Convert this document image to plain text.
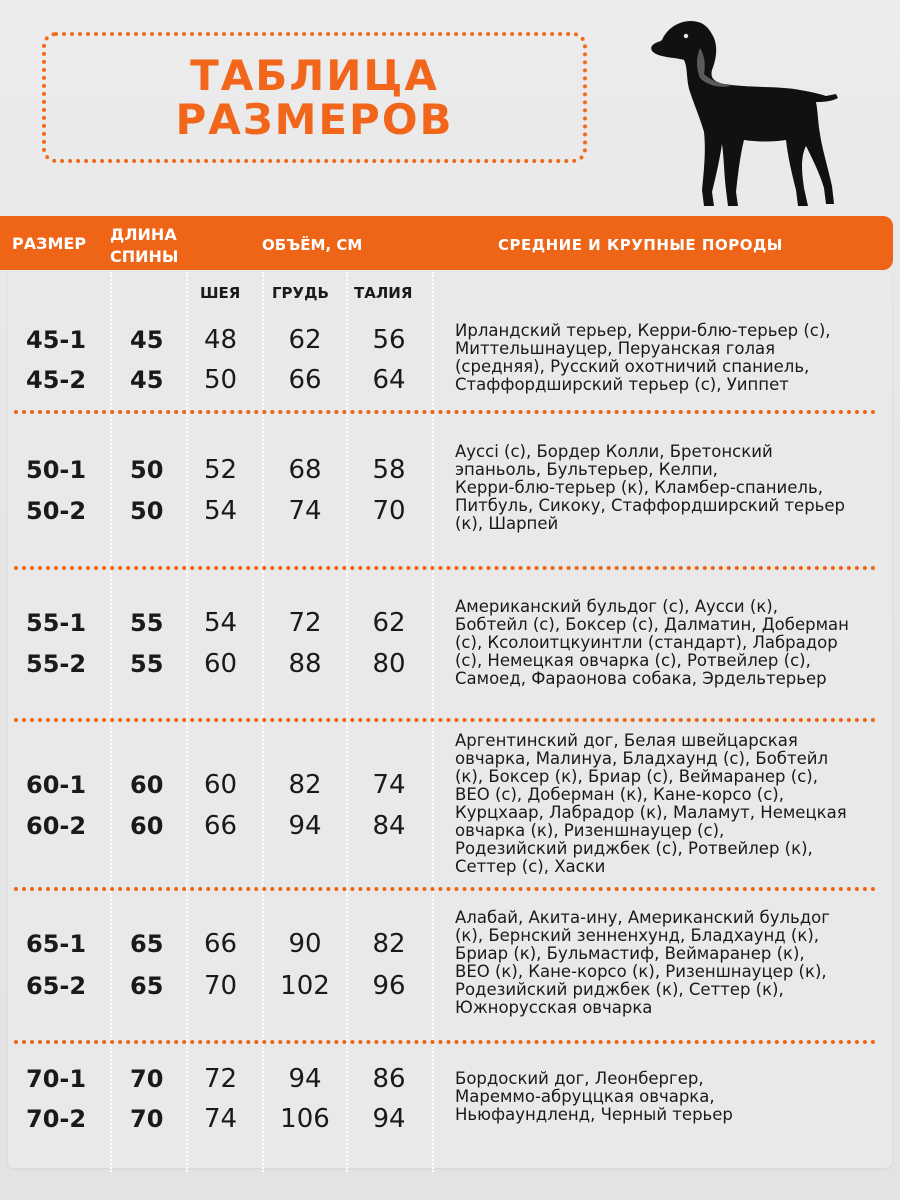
ТАБЛИЦА
РАЗМЕРОВ
РАЗМЕР ДЛИНА
СПИНЫ
ОБЪЁМ, СМ	СРЕДНИЕ И КРУПНЫЕ ПОРОДЫ
ШЕЯ ГРУДЬ ТАЛИЯ
45-1 45 48	62	56
45-2 45 50	66	64
Ирландский терьер, Керри-блю-терьер (с),
Миттельшнауцер, Перуанская голая
(средняя), Русский охотничий спаниель,
Стаффордширский терьер (с), Уиппет
50-1 50 52	68	58
50-2 50 54	74	70
Ауссі (с), Бордер Колли, Бретонский
эпаньоль, Бультерьер, Келпи,
Керри-блю-терьер (к), Кламбер-спаниель,
Питбуль, Сикоку, Стаффордширский терьер
(к), Шарпей
55-1 55 54	72	62
55-2 55 60	88	80
Американский бульдог (с), Аусси (к),
Бобтейл (с), Боксер (с), Далматин, Доберман
(с), Ксолоитцкуинтли (стандарт), Лабрадор
(с), Немецкая овчарка (с), Ротвейлер (с),
Самоед, Фараонова собака, Эрдельтерьер
60-1 60 60	82	74
60-2 60 66	94	84
Аргентинский дог, Белая швейцарская
овчарка, Малинуа, Бладхаунд (с), Бобтейл
(к), Боксер (к), Бриар (с), Веймаранер (с),
ВЕО (с), Доберман (к), Кане-корсо (с),
Курцхаар, Лабрадор (к), Маламут, Немецкая
овчарка (к), Ризеншнауцер (с),
Родезийский риджбек (с), Ротвейлер (к),
Сеттер (с), Хаски
65-1 65 66	90	82
65-2 65 70	102	96
Алабай, Акита-ину, Американский бульдог
(к), Бернский зенненхунд, Бладхаунд (к),
Бриар (к), Бульмастиф, Веймаранер (к),
ВЕО (к), Кане-корсо (к), Ризеншнауцер (к),
Родезийский риджбек (к), Сеттер (к),
Южнорусская овчарка
70-1 70 72	94	86
70-2 70 74	106	94
Бордоский дог, Леонбергер,
Мареммо-абруццкая овчарка,
Ньюфаундленд, Черный терьер
